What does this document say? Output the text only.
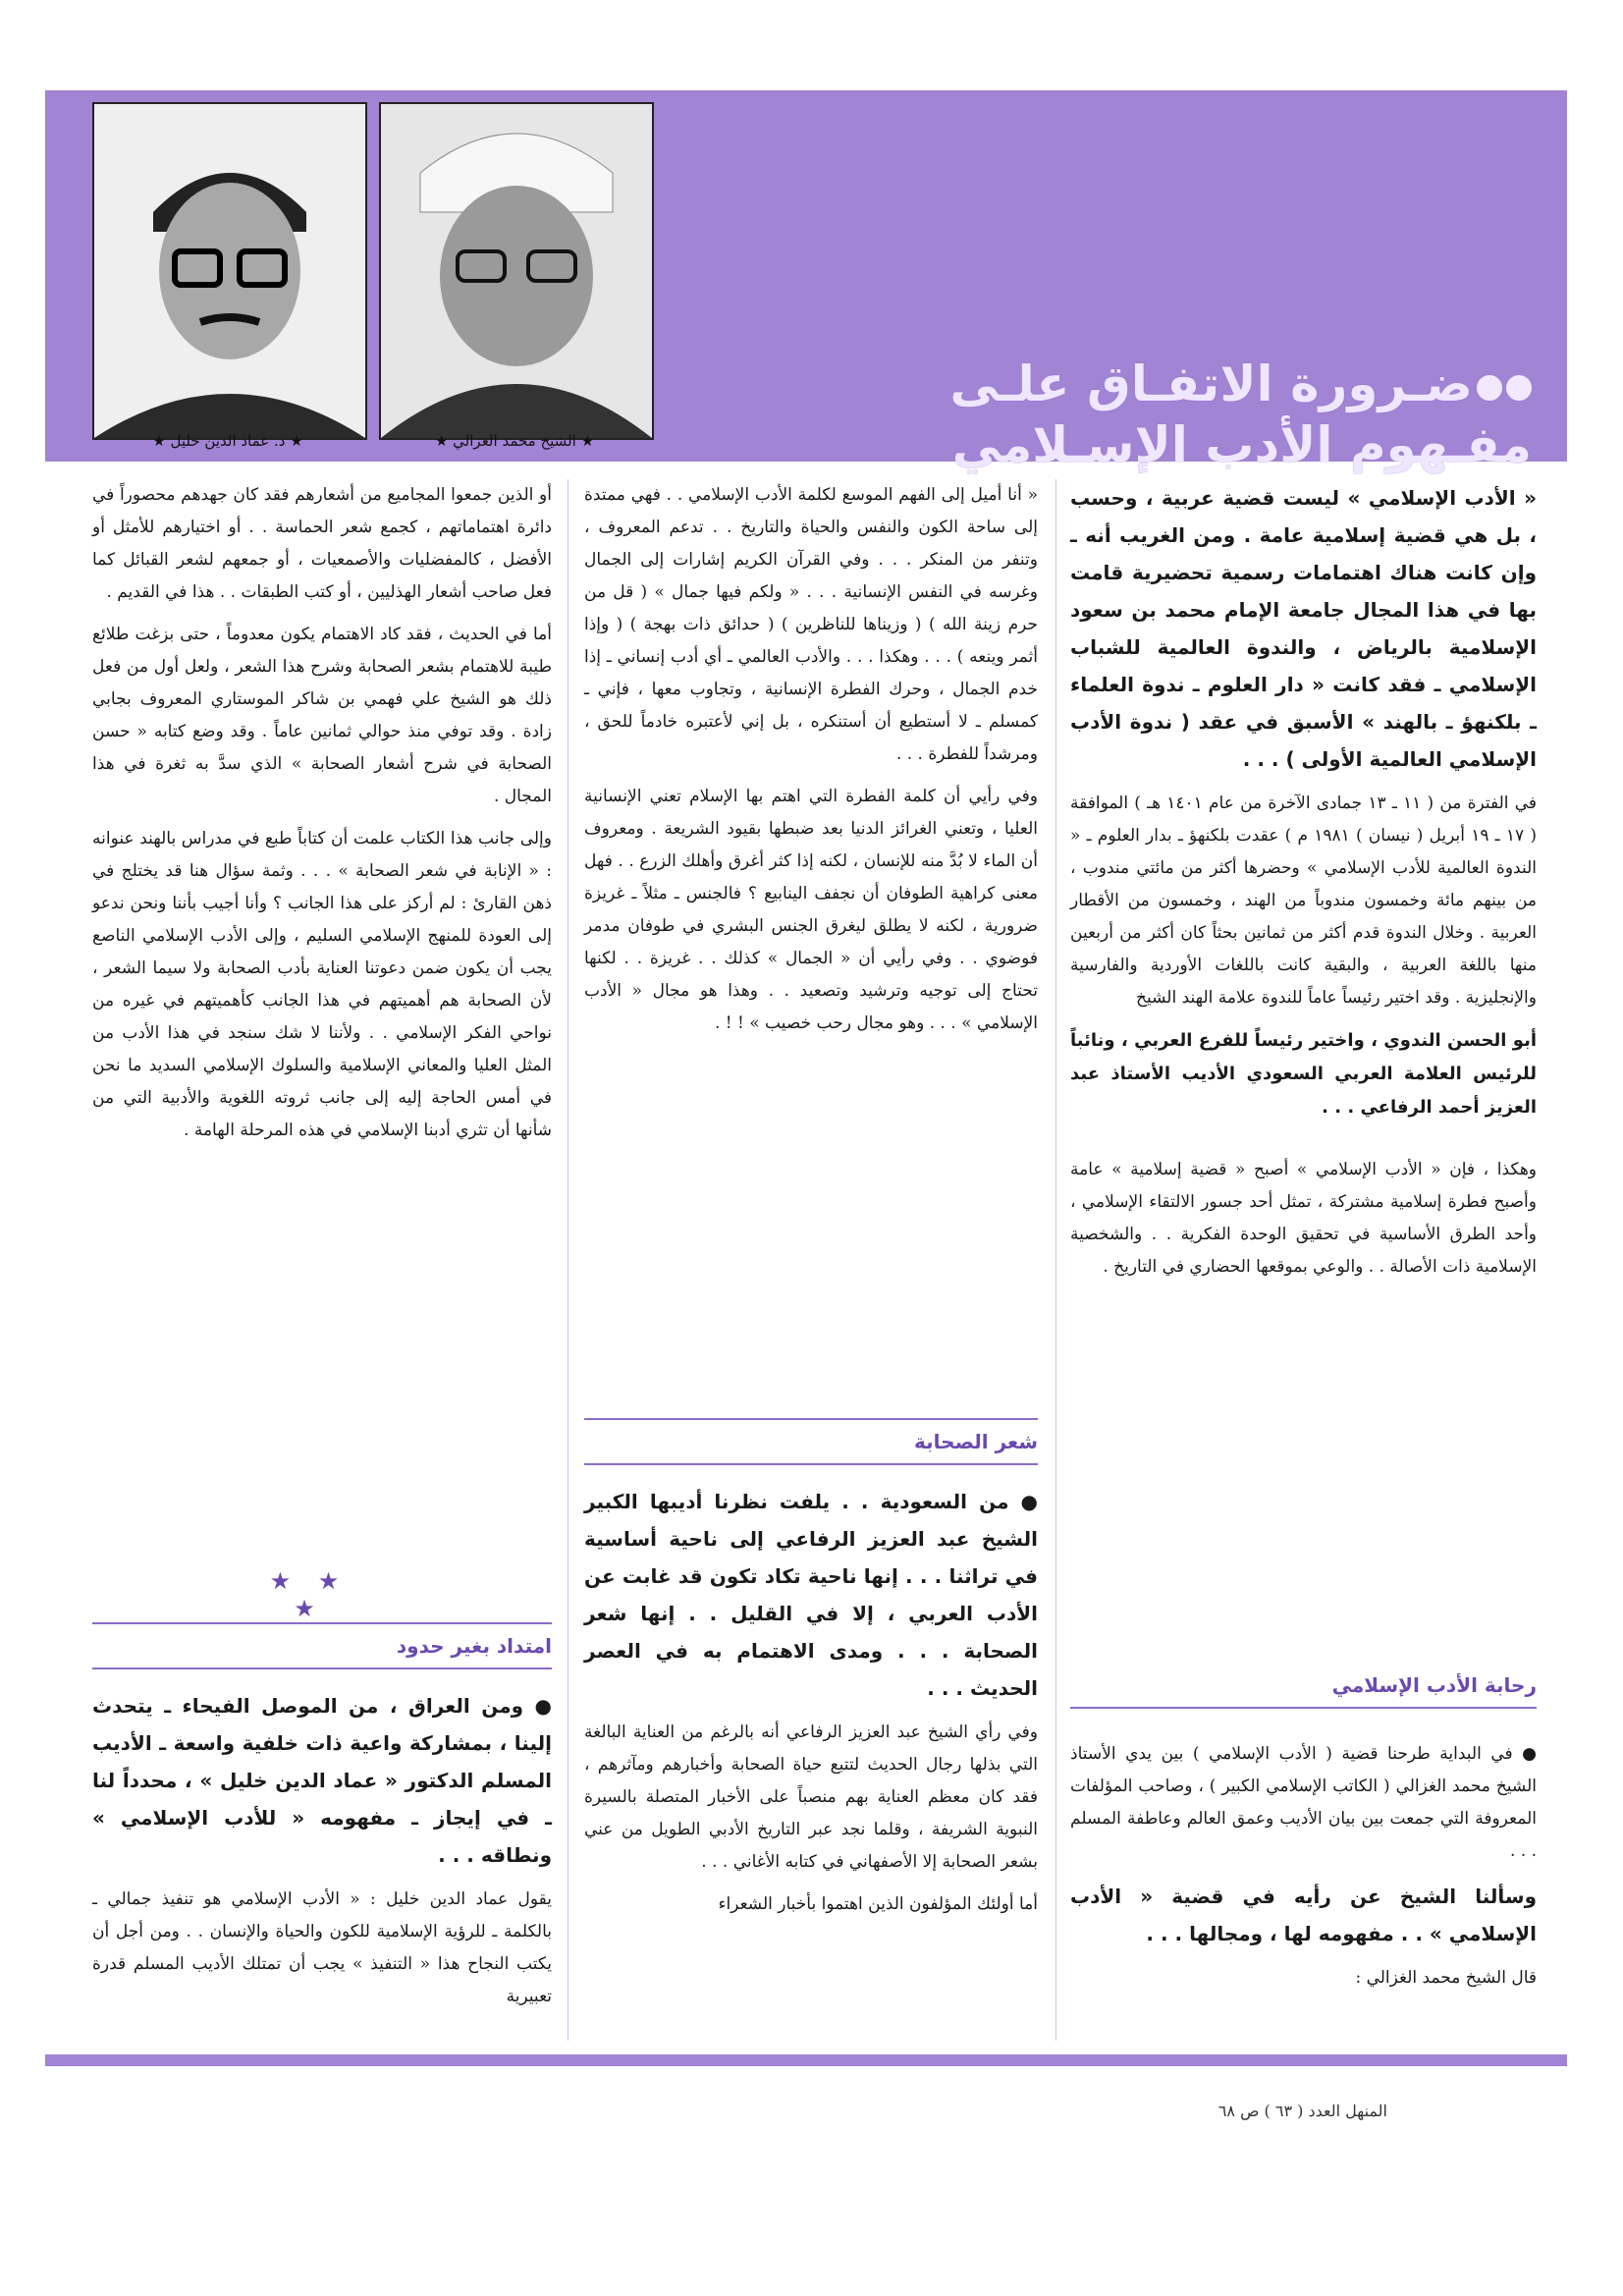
★ الشيخ محمد الغزالي ★
★ د. عماد الدين خليل ★
ضـرورة الاتفـاق علـى
مفـهوم الأدب الإسـلامي

« الأدب الإسلامي » ليست قضية عربية ، وحسب ، بل هي قضية إسلامية عامة . ومن الغريب أنه ـ وإن كانت هناك اهتمامات رسمية تحضيرية قامت بها في هذا المجال جامعة الإمام محمد بن سعود الإسلامية بالرياض ، والندوة العالمية للشباب الإسلامي ـ فقد كانت « دار العلوم ـ ندوة العلماء ـ بلكنهؤ ـ بالهند » الأسبق في عقد ( ندوة الأدب الإسلامي العالمية الأولى ) . . .

في الفترة من ( ١١ ـ ١٣ جمادى الآخرة من عام ١٤٠١ هـ ) الموافقة ( ١٧ ـ ١٩ أبريل ( نيسان ) ١٩٨١ م ) عقدت بلكنهؤ ـ بدار العلوم ـ « الندوة العالمية للأدب الإسلامي » وحضرها أكثر من مائتي مندوب ، من بينهم مائة وخمسون مندوباً من الهند ، وخمسون من الأقطار العربية . وخلال الندوة قدم أكثر من ثمانين بحثاً كان أكثر من أربعين منها باللغة العربية ، والبقية كانت باللغات الأوردية والفارسية والإنجليزية . وقد اختير رئيساً عاماً للندوة علامة الهند الشيخ

أبو الحسن الندوي ، واختير رئيساً للفرع العربي ، ونائباً للرئيس العلامة العربي السعودي الأديب الأستاذ عبد العزيز أحمد الرفاعي . . .

وهكذا ، فإن « الأدب الإسلامي » أصبح « قضية إسلامية » عامة وأصبح فطرة إسلامية مشتركة ، تمثل أحد جسور الالتقاء الإسلامي ، وأحد الطرق الأساسية في تحقيق الوحدة الفكرية . . والشخصية الإسلامية ذات الأصالة . . والوعي بموقعها الحضاري في التاريخ .

رحابة الأدب الإسلامي

● في البداية طرحنا قضية ( الأدب الإسلامي ) بين يدي الأستاذ الشيخ محمد الغزالي ( الكاتب الإسلامي الكبير ) ، وصاحب المؤلفات المعروفة التي جمعت بين بيان الأديب وعمق العالم وعاطفة المسلم . . .

وسألنا الشيخ عن رأيه في قضية « الأدب الإسلامي » . . مفهومه لها ، ومجالها . . .

قال الشيخ محمد الغزالي :

« أنا أميل إلى الفهم الموسع لكلمة الأدب الإسلامي . . فهي ممتدة إلى ساحة الكون والنفس والحياة والتاريخ . . تدعم المعروف ، وتنفر من المنكر . . . وفي القرآن الكريم إشارات إلى الجمال وغرسه في النفس الإنسانية . . . « ولكم فيها جمال » ( قل من حرم زينة الله ) ( وزيناها للناظرين ) ( حدائق ذات بهجة ) ( وإذا أثمر وينعه ) . . . وهكذا . . . والأدب العالمي ـ أي أدب إنساني ـ إذا خدم الجمال ، وحرك الفطرة الإنسانية ، وتجاوب معها ، فإني ـ كمسلم ـ لا أستطيع أن أستنكره ، بل إني لأعتبره خادماً للحق ، ومرشداً للفطرة . . .

وفي رأيي أن كلمة الفطرة التي اهتم بها الإسلام تعني الإنسانية العليا ، وتعني الغرائز الدنيا بعد ضبطها بقيود الشريعة . ومعروف أن الماء لا بُدَّ منه للإنسان ، لكنه إذا كثر أغرق وأهلك الزرع . . فهل معنى كراهية الطوفان أن نجفف الينابيع ؟ فالجنس ـ مثلاً ـ غريزة ضرورية ، لكنه لا يطلق ليغرق الجنس البشري في طوفان مدمر فوضوي . . وفي رأيي أن « الجمال » كذلك . . غريزة . . لكنها تحتاج إلى توجيه وترشيد وتصعيد . . وهذا هو مجال « الأدب الإسلامي » . . . وهو مجال رحب خصيب » ! ! .

شعر الصحابة

● من السعودية . . يلفت نظرنا أديبها الكبير الشيخ عبد العزيز الرفاعي إلى ناحية أساسية في تراثنا . . . إنها ناحية تكاد تكون قد غابت عن الأدب العربي ، إلا في القليل . . إنها شعر الصحابة . . . ومدى الاهتمام به في العصر الحديث . . .

وفي رأي الشيخ عبد العزيز الرفاعي أنه بالرغم من العناية البالغة التي بذلها رجال الحديث لتتبع حياة الصحابة وأخبارهم ومآثرهم ، فقد كان معظم العناية بهم منصباً على الأخبار المتصلة بالسيرة النبوية الشريفة ، وقلما نجد عبر التاريخ الأدبي الطويل من عني بشعر الصحابة إلا الأصفهاني في كتابه الأغاني . . .

أما أولئك المؤلفون الذين اهتموا بأخبار الشعراء

أو الذين جمعوا المجاميع من أشعارهم فقد كان جهدهم محصوراً في دائرة اهتماماتهم ، كجمع شعر الحماسة . . أو اختيارهم للأمثل أو الأفضل ، كالمفضليات والأصمعيات ، أو جمعهم لشعر القبائل كما فعل صاحب أشعار الهذليين ، أو كتب الطبقات . . هذا في القديم .

أما في الحديث ، فقد كاد الاهتمام يكون معدوماً ، حتى بزغت طلائع طيبة للاهتمام بشعر الصحابة وشرح هذا الشعر ، ولعل أول من فعل ذلك هو الشيخ علي فهمي بن شاكر الموستاري المعروف بجابي زادة . وقد توفي منذ حوالي ثمانين عاماً . وقد وضع كتابه « حسن الصحابة في شرح أشعار الصحابة » الذي سدَّ به ثغرة في هذا المجال .

وإلى جانب هذا الكتاب علمت أن كتاباً طبع في مدراس بالهند عنوانه : « الإنابة في شعر الصحابة » . . . وثمة سؤال هنا قد يختلج في ذهن القارئ : لم أركز على هذا الجانب ؟ وأنا أجيب بأننا ونحن ندعو إلى العودة للمنهج الإسلامي السليم ، وإلى الأدب الإسلامي الناصع يجب أن يكون ضمن دعوتنا العناية بأدب الصحابة ولا سيما الشعر ، لأن الصحابة هم أهميتهم في هذا الجانب كأهميتهم في غيره من نواحي الفكر الإسلامي . . ولأننا لا شك سنجد في هذا الأدب من المثل العليا والمعاني الإسلامية والسلوك الإسلامي السديد ما نحن في أمس الحاجة إليه إلى جانب ثروته اللغوية والأدبية التي من شأنها أن تثري أدبنا الإسلامي في هذه المرحلة الهامة .

★ ★ ★
امتداد بغير حدود

● ومن العراق ، من الموصل الفيحاء ـ يتحدث إلينا ، بمشاركة واعية ذات خلفية واسعة ـ الأديب المسلم الدكتور « عماد الدين خليل » ، محدداً لنا ـ في إيجاز ـ مفهومه « للأدب الإسلامي » ونطاقه . . .

يقول عماد الدين خليل : « الأدب الإسلامي هو تنفيذ جمالي ـ بالكلمة ـ للرؤية الإسلامية للكون والحياة والإنسان . . ومن أجل أن يكتب النجاح هذا « التنفيذ » يجب أن تمتلك الأديب المسلم قدرة تعبيرية

المنهل العدد ( ٦٣ ) ص ٦٨
